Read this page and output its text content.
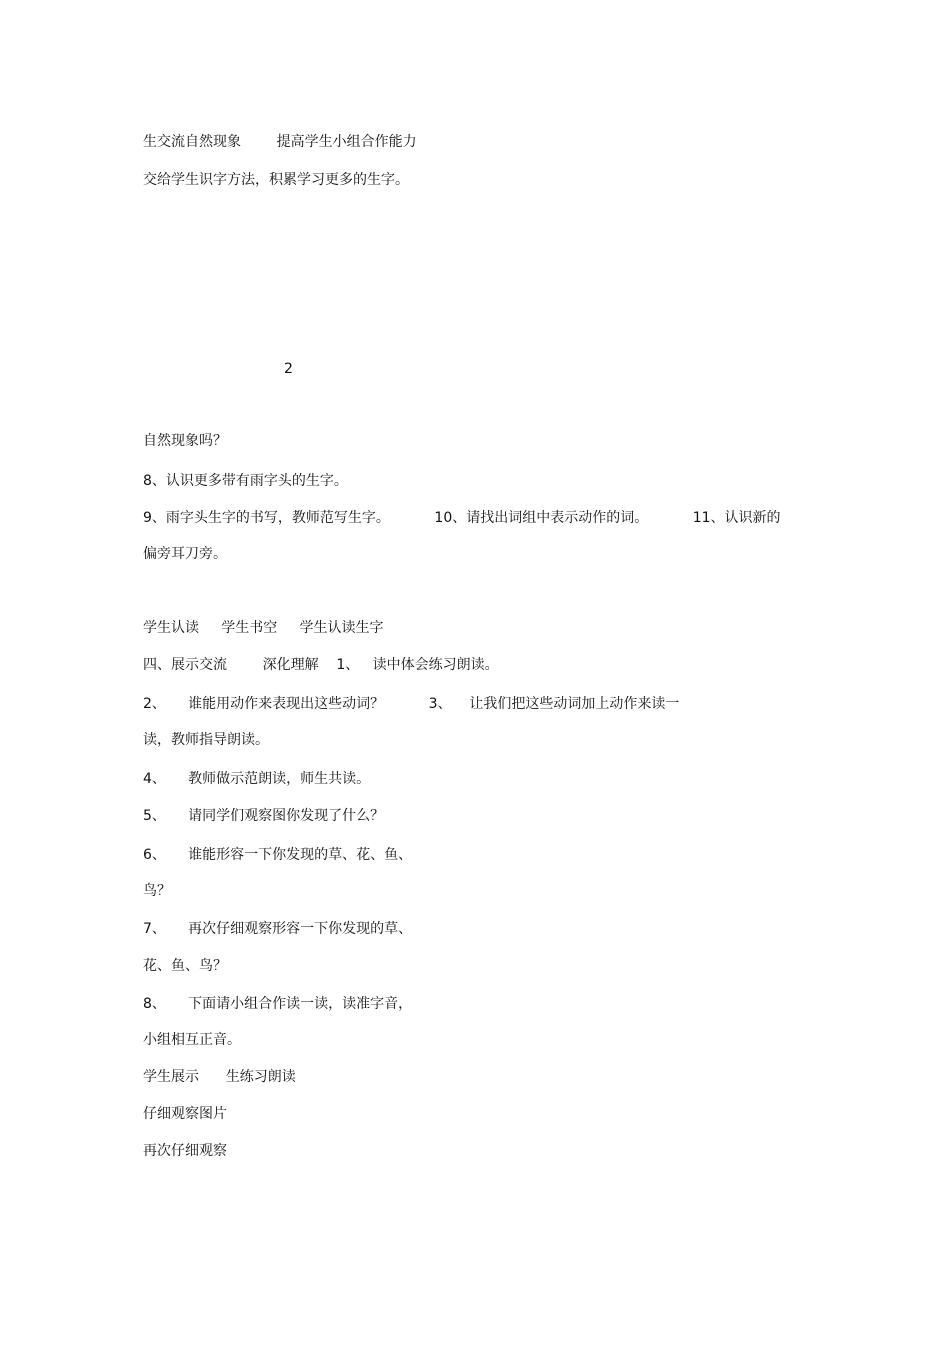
生交流自然现象        提高学生小组合作能力

交给学生识字方法，积累学习更多的生字。

2

自然现象吗？

8、认识更多带有雨字头的生字。

9、雨字头生字的书写，教师范写生字。          10、请找出词组中表示动作的词。          11、认识新的

偏旁耳刀旁。

学生认读     学生书空     学生认读生字

四、展示交流        深化理解    1、   读中体会练习朗读。

2、     谁能用动作来表现出这些动词？          3、    让我们把这些动词加上动作来读一

读，教师指导朗读。

4、     教师做示范朗读，师生共读。

5、     请同学们观察图你发现了什么？

6、     谁能形容一下你发现的草、花、鱼、

鸟？

7、     再次仔细观察形容一下你发现的草、

花、鱼、鸟？

8、     下面请小组合作读一读，读准字音，

小组相互正音。

学生展示      生练习朗读

仔细观察图片

再次仔细观察
